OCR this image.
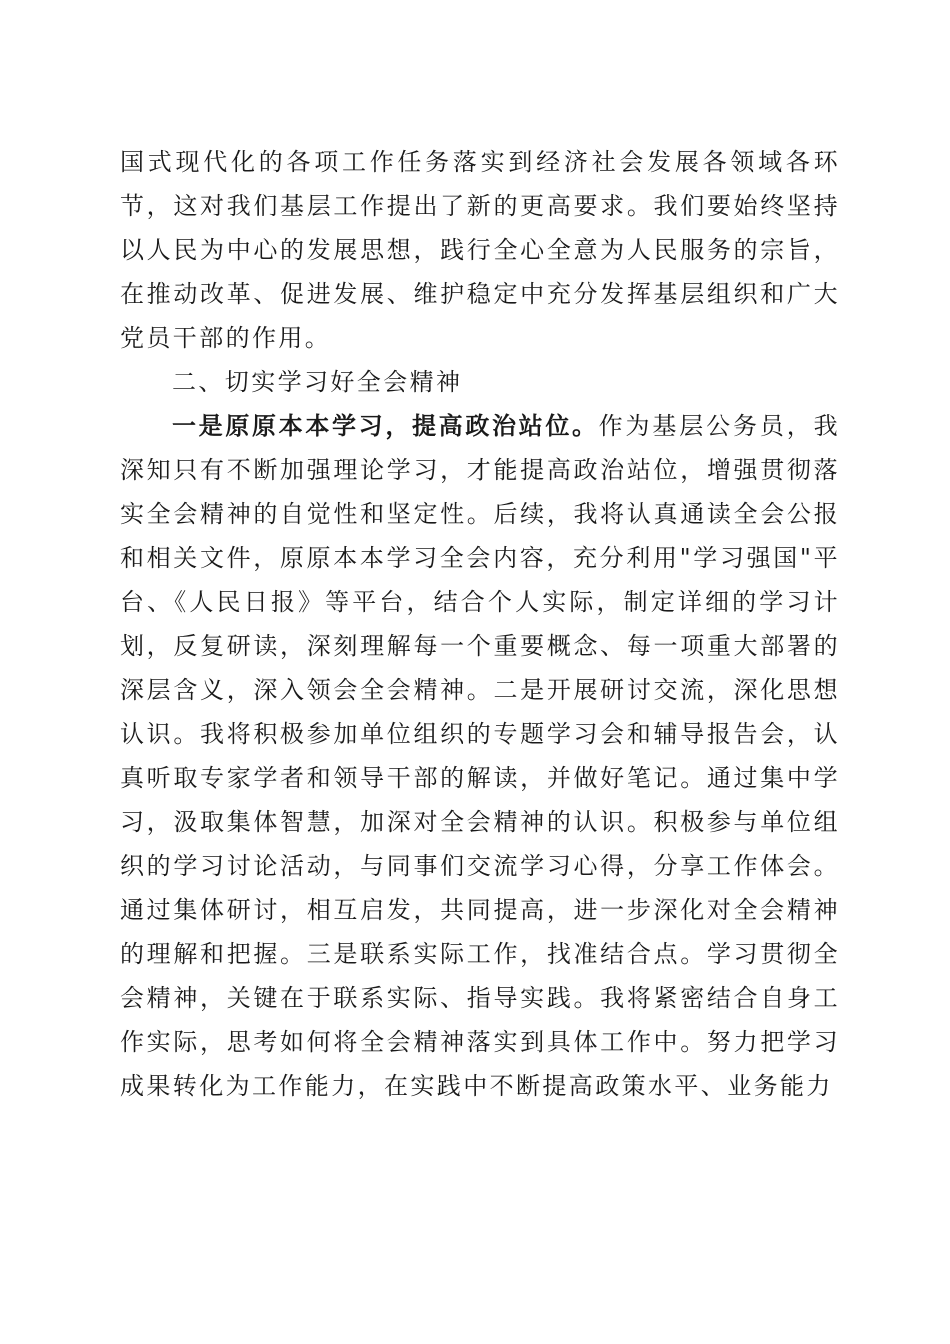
国式现代化的各项工作任务落实到经济社会发展各领域各环节，这对我们基层工作提出了新的更高要求。我们要始终坚持以人民为中心的发展思想，践行全心全意为人民服务的宗旨，在推动改革、促进发展、维护稳定中充分发挥基层组织和广大党员干部的作用。

二、切实学习好全会精神

一是原原本本学习，提高政治站位。作为基层公务员，我深知只有不断加强理论学习，才能提高政治站位，增强贯彻落实全会精神的自觉性和坚定性。后续，我将认真通读全会公报和相关文件，原原本本学习全会内容，充分利用"学习强国"平台、《人民日报》等平台，结合个人实际，制定详细的学习计划，反复研读，深刻理解每一个重要概念、每一项重大部署的深层含义，深入领会全会精神。二是开展研讨交流，深化思想认识。我将积极参加单位组织的专题学习会和辅导报告会，认真听取专家学者和领导干部的解读，并做好笔记。通过集中学习，汲取集体智慧，加深对全会精神的认识。积极参与单位组织的学习讨论活动，与同事们交流学习心得，分享工作体会。通过集体研讨，相互启发，共同提高，进一步深化对全会精神的理解和把握。三是联系实际工作，找准结合点。学习贯彻全会精神，关键在于联系实际、指导实践。我将紧密结合自身工作实际，思考如何将全会精神落实到具体工作中。努力把学习成果转化为工作能力，在实践中不断提高政策水平、业务能力
